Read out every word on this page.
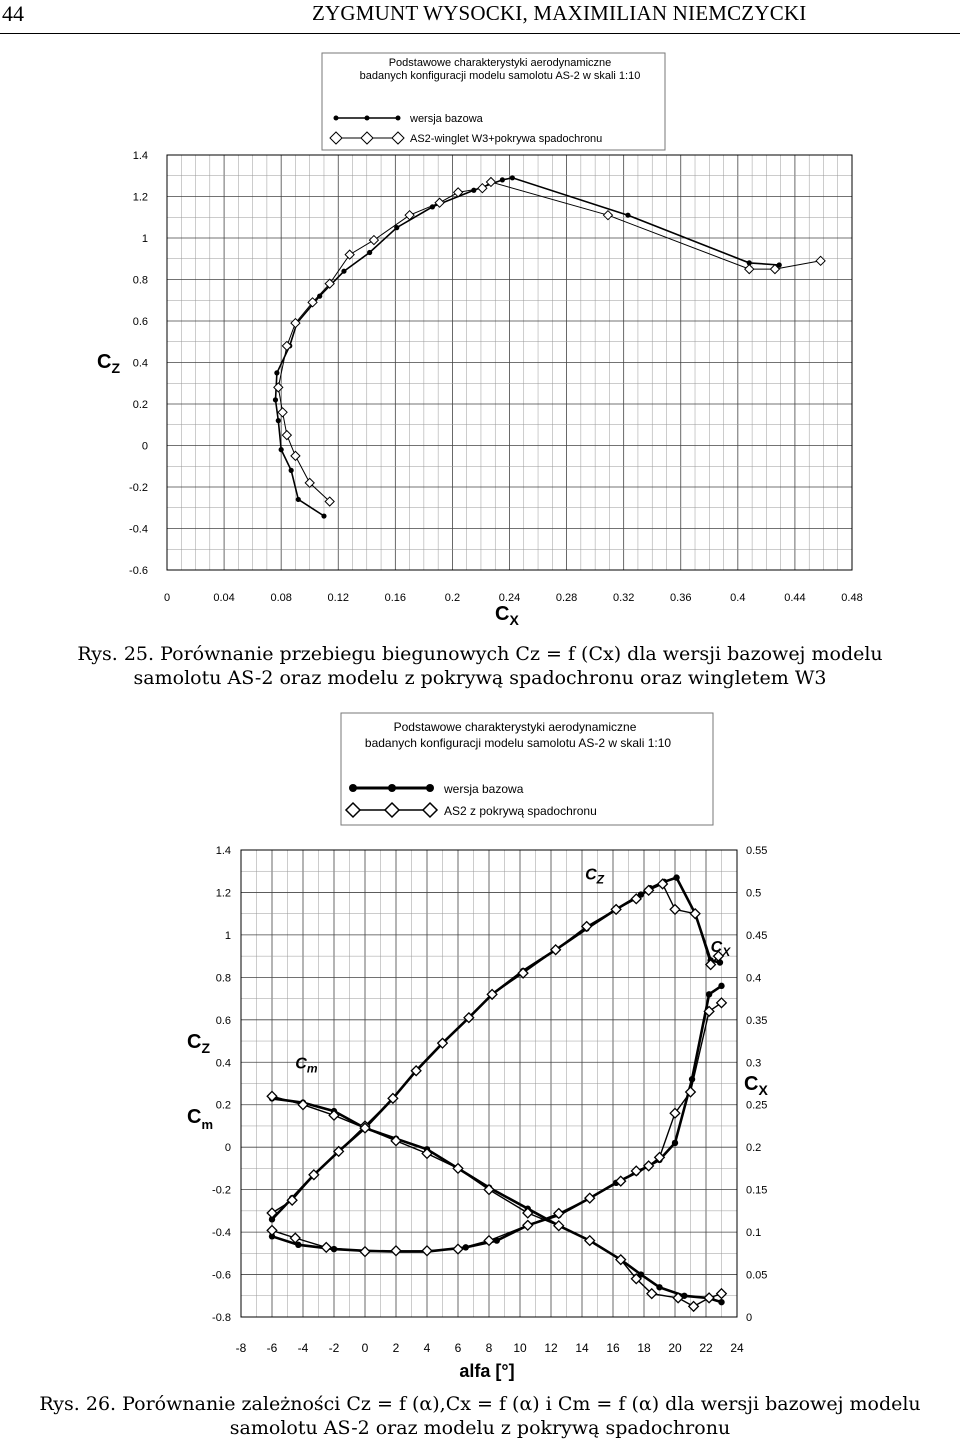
44	ZYGMUNT WYSOCKI, MAXIMILIAN NIEMCZYCKI
Podstawowe charakterystyki aerodynamiczne
badanych konfiguracji modelu samolotu AS-2 w skali 1:10
wersja bazowa
AS2-winglet W3+pokrywa spadochronu
1.4
1.2
1
0.8
0.6
0.4
0.2
0
-0.2
-0.4
-0.6
0	0.04	0.08	0.12	0.16	0.2	0.24	0.28	0.32	0.36	0.4	0.44	0.48
$C_Z$
$C_X$
Rys. 25. Porównanie przebiegu biegunowych Cz = f (Cx) dla wersji bazowej modelu
samolotu AS-2 oraz modelu z pokrywą spadochronu oraz wingletem W3
Podstawowe charakterystyki aerodynamiczne
badanych konfiguracji modelu samolotu AS-2 w skali 1:10
wersja bazowa
AS2 z pokrywą spadochronu
1.4
1.2
1
0.8
0.6
0.4
0.2
0
-0.2
-0.4
-0.6
-0.8
0.55
0.5
0.45
0.4
0.35
0.3
0.25
0.2
0.15
0.1
0.05
0
-8 -6 -4 -2 0 2 4 6 8 10 12 14 16 18 20 22 24
$C_Z$
$C_m$
$C_X$
$C_Z$
$C_m$
$C_X$
alfa [°]
Rys. 26. Porównanie zależności Cz = f (α),Cx = f (α) i Cm = f (α) dla wersji bazowej modelu
samolotu AS-2 oraz modelu z pokrywą spadochronu
